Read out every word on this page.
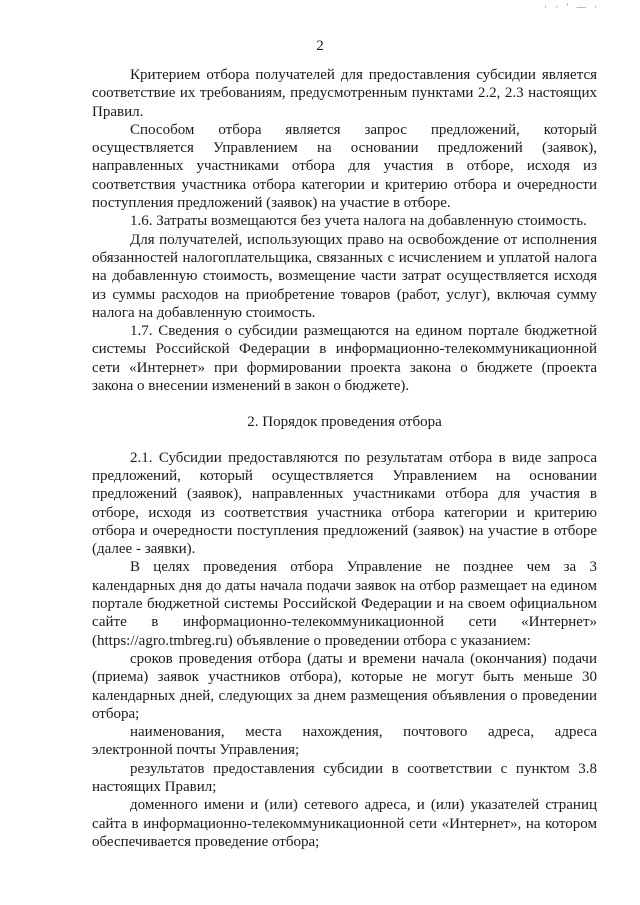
· · ′ — ·
2

Критерием отбора получателей для предоставления субсидии является соответствие их требованиям, предусмотренным пунктами 2.2, 2.3 настоящих Правил.

Способом отбора является запрос предложений, который осуществляется Управлением на основании предложений (заявок), направленных участниками отбора для участия в отборе, исходя из соответствия участника отбора категории и критерию отбора и очередности поступления предложений (заявок) на участие в отборе.

1.6. Затраты возмещаются без учета налога на добавленную стоимость.

Для получателей, использующих право на освобождение от исполнения обязанностей налогоплательщика, связанных с исчислением и уплатой налога на добавленную стоимость, возмещение части затрат осуществляется исходя из суммы расходов на приобретение товаров (работ, услуг), включая сумму налога на добавленную стоимость.

1.7. Сведения о субсидии размещаются на едином портале бюджетной системы Российской Федерации в информационно-телекоммуникационной сети «Интернет» при формировании проекта закона о бюджете (проекта закона о внесении изменений в закон о бюджете).

2. Порядок проведения отбора

2.1. Субсидии предоставляются по результатам отбора в виде запроса предложений, который осуществляется Управлением на основании предложений (заявок), направленных участниками отбора для участия в отборе, исходя из соответствия участника отбора категории и критерию отбора и очередности поступления предложений (заявок) на участие в отборе (далее - заявки).

В целях проведения отбора Управление не позднее чем за 3 календарных дня до даты начала подачи заявок на отбор размещает на едином портале бюджетной системы Российской Федерации и на своем официальном сайте в информационно-телекоммуникационной сети «Интернет» (https://agro.tmbreg.ru) объявление о проведении отбора с указанием:

сроков проведения отбора (даты и времени начала (окончания) подачи (приема) заявок участников отбора), которые не могут быть меньше 30 календарных дней, следующих за днем размещения объявления о проведении отбора;

наименования, места нахождения, почтового адреса, адреса электронной почты Управления;

результатов предоставления субсидии в соответствии с пунктом 3.8 настоящих Правил;

доменного имени и (или) сетевого адреса, и (или) указателей страниц сайта в информационно-телекоммуникационной сети «Интернет», на котором обеспечивается проведение отбора;
